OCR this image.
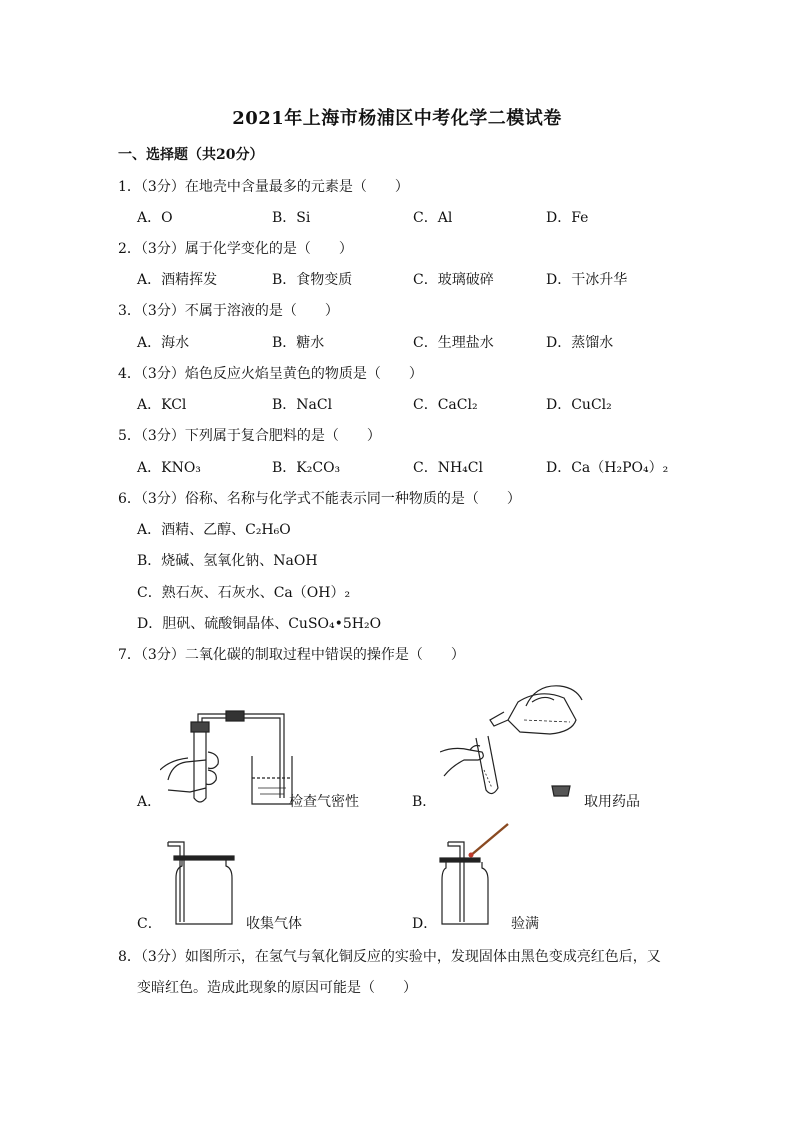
2021年上海市杨浦区中考化学二模试卷
一、选择题（共20分）
1．（3分）在地壳中含量最多的元素是（　　）
A．O	B．Si	C．Al	D．Fe
2．（3分）属于化学变化的是（　　）
A．酒精挥发	B．食物变质	C．玻璃破碎	D．干冰升华
3．（3分）不属于溶液的是（　　）
A．海水	B．糖水	C．生理盐水	D．蒸馏水
4．（3分）焰色反应火焰呈黄色的物质是（　　）
A．KCl	B．NaCl	C．CaCl₂	D．CuCl₂
5．（3分）下列属于复合肥料的是（　　）
A．KNO₃	B．K₂CO₃	C．NH₄Cl	D．Ca（H₂PO₄）₂
6．（3分）俗称、名称与化学式不能表示同一种物质的是（　　）
A．酒精、乙醇、C₂H₆O
B．烧碱、氢氧化钠、NaOH
C．熟石灰、石灰水、Ca（OH）₂
D．胆矾、硫酸铜晶体、CuSO₄•5H₂O
7．（3分）二氧化碳的制取过程中错误的操作是（　　）
A．	检查气密性	B．	取用药品
C．	收集气体	D．	验满
8．（3分）如图所示，在氢气与氧化铜反应的实验中，发现固体由黑色变成亮红色后，又
变暗红色。造成此现象的原因可能是（　　）
